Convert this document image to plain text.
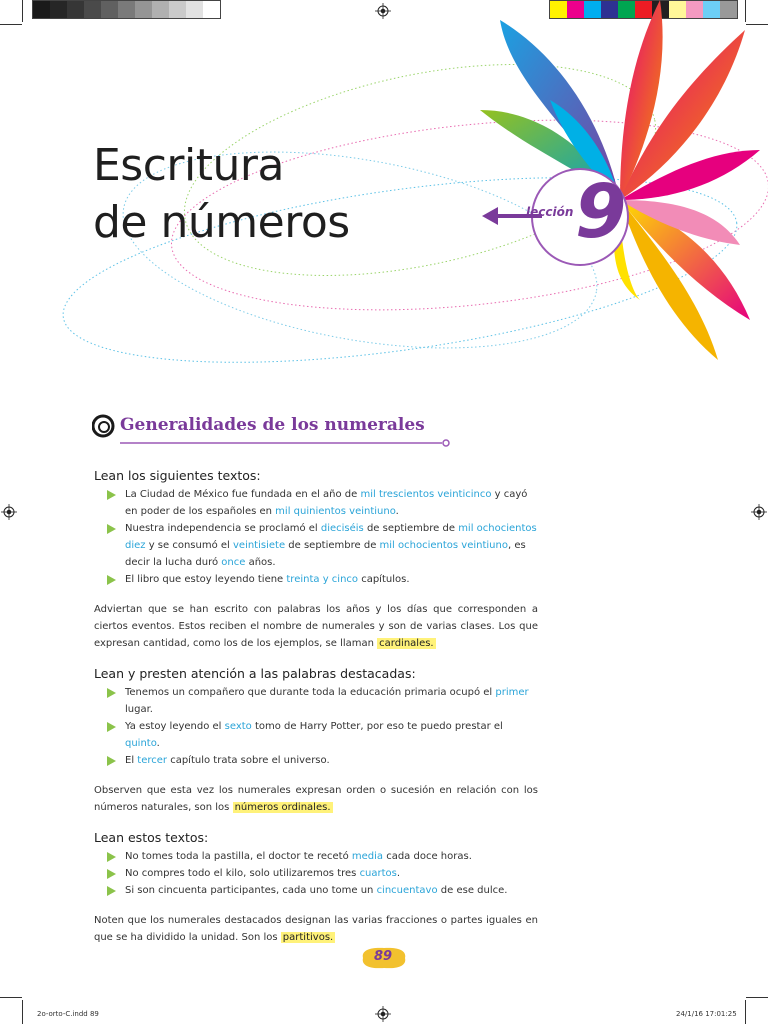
Escritura
de números	lección 9
Generalidades de los numerales
Lean los siguientes textos:
La Ciudad de México fue fundada en el año de mil trescientos veinticinco y cayó en poder de los españoles en mil quinientos veintiuno.
Nuestra independencia se proclamó el dieciséis de septiembre de mil ochocientos diez y se consumó el veintisiete de septiembre de mil ochocientos veintiuno, es decir la lucha duró once años.
El libro que estoy leyendo tiene treinta y cinco capítulos.

Adviertan que se han escrito con palabras los años y los días que corresponden a ciertos eventos. Estos reciben el nombre de numerales y son de varias clases. Los que expresan cantidad, como los de los ejemplos, se llaman cardinales.

Lean y presten atención a las palabras destacadas:
Tenemos un compañero que durante toda la educación primaria ocupó el primer lugar.
Ya estoy leyendo el sexto tomo de Harry Potter, por eso te puedo prestar el quinto.
El tercer capítulo trata sobre el universo.

Observen que esta vez los numerales expresan orden o sucesión en relación con los números naturales, son los números ordinales.

Lean estos textos:
No tomes toda la pastilla, el doctor te recetó media cada doce horas.
No compres todo el kilo, solo utilizaremos tres cuartos.
Si son cincuenta participantes, cada uno tome un cincuentavo de ese dulce.

Noten que los numerales destacados designan las varias fracciones o partes iguales en que se ha dividido la unidad. Son los partitivos.

89
2o-orto-C.indd 89	24/1/16 17:01:25
